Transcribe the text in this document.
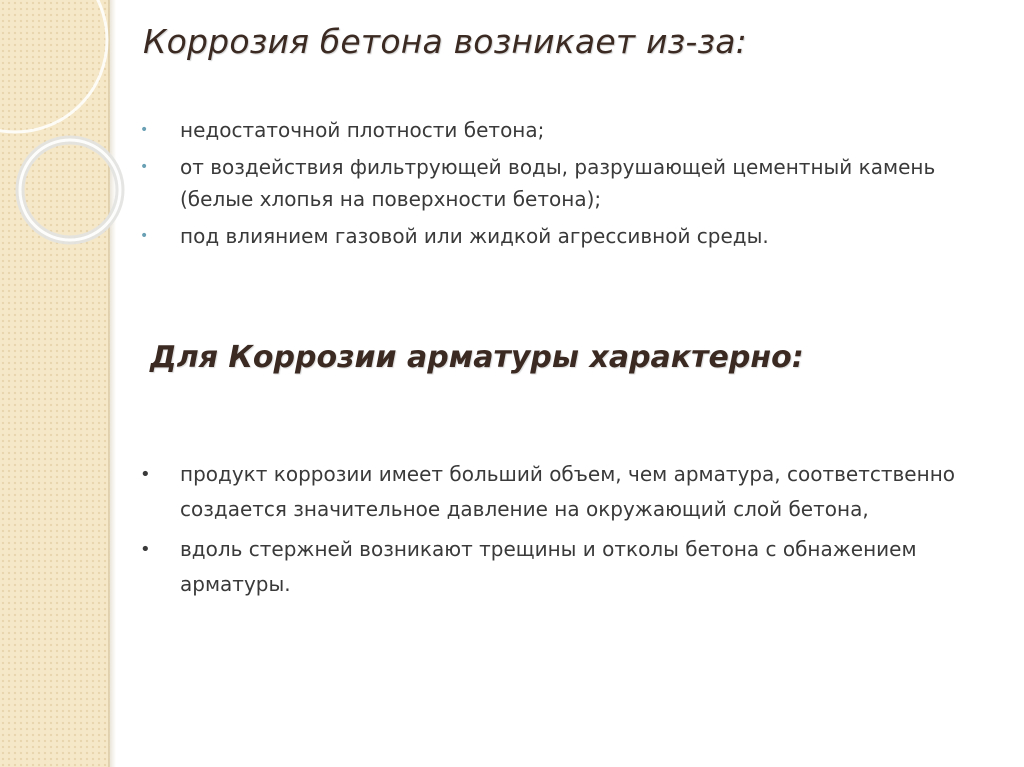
Коррозия бетона возникает из-за:
• недостаточной плотности бетона;
• от воздействия фильтрующей воды, разрушающей цементный камень (белые хлопья на поверхности бетона);
• под влиянием газовой или жидкой агрессивной среды.
Для Коррозии арматуры характерно:
• продукт коррозии имеет больший объем, чем арматура, соответственно создается значительное давление на окружающий слой бетона,
• вдоль стержней возникают трещины и отколы бетона с обнажением арматуры.
